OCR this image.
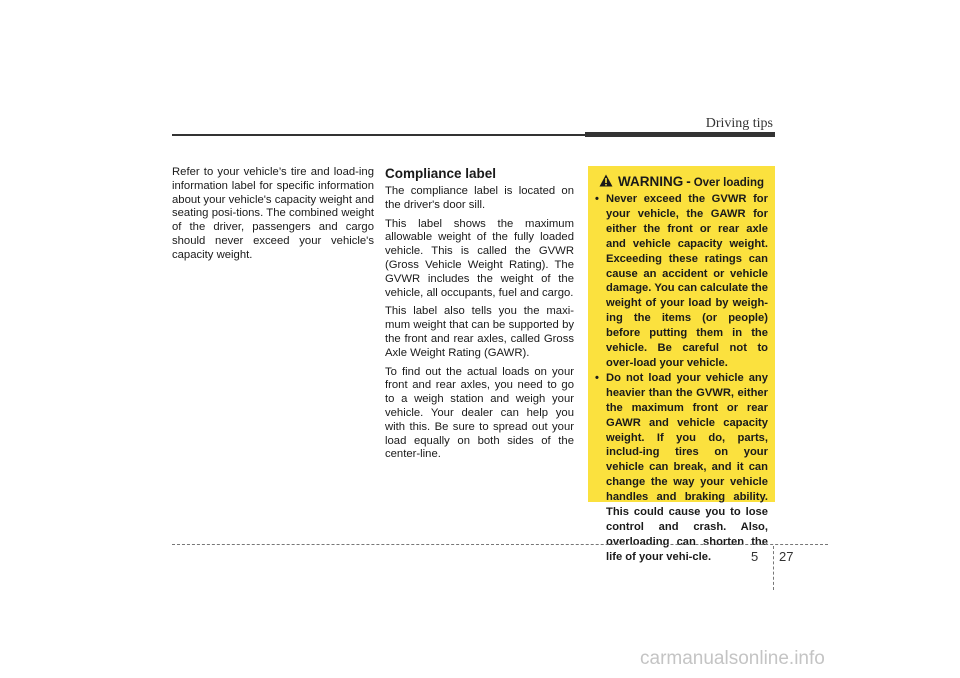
Driving tips

Refer to your vehicle’s tire and load-ing information label for specific information about your vehicle's capacity weight and seating posi-tions. The combined weight of the driver, passengers and cargo should never exceed your vehicle's capacity weight.

Compliance label

The compliance label is located on the driver's door sill.

This label shows the maximum allowable weight of the fully loaded vehicle. This is called the GVWR (Gross Vehicle Weight Rating). The GVWR includes the weight of the vehicle, all occupants, fuel and cargo.

This label also tells you the maxi-mum weight that can be supported by the front and rear axles, called Gross Axle Weight Rating (GAWR).

To find out the actual loads on your front and rear axles, you need to go to a weigh station and weigh your vehicle. Your dealer can help you with this. Be sure to spread out your load equally on both sides of the center-line.

WARNING - Over loading
• Never exceed the GVWR for your vehicle, the GAWR for either the front or rear axle and vehicle capacity weight. Exceeding these ratings can cause an accident or vehicle damage. You can calculate the weight of your load by weigh-ing the items (or people) before putting them in the vehicle. Be careful not to over-load your vehicle.
• Do not load your vehicle any heavier than the GVWR, either the maximum front or rear GAWR and vehicle capacity weight. If you do, parts, includ-ing tires on your vehicle can break, and it can change the way your vehicle handles and braking ability. This could cause you to lose control and crash. Also, overloading can shorten the life of your vehi-cle.	5 27
carmanualsonline.info
